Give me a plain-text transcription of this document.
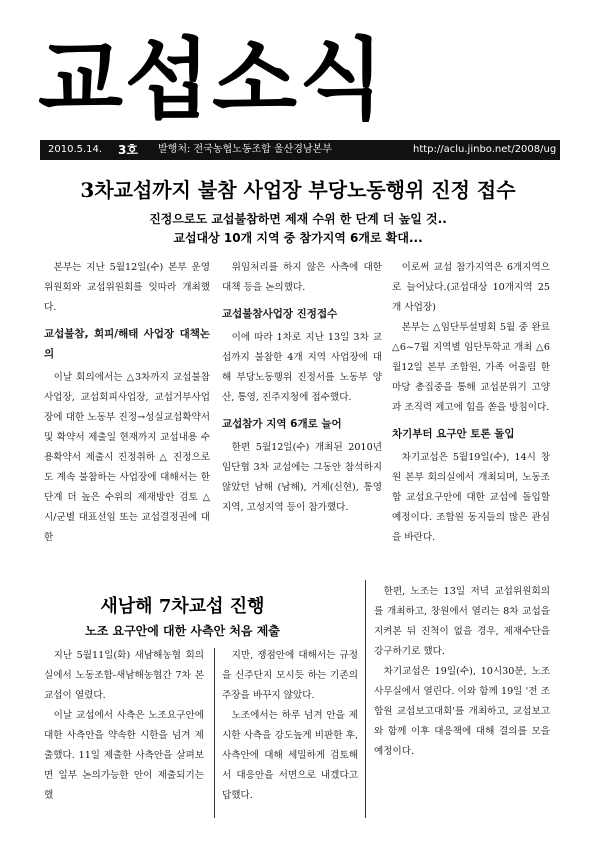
교섭소식
2010.5.14. 3호 발행처: 전국농협노동조합 울산경남본부	http://aclu.jinbo.net/2008/ug
3차교섭까지 불참 사업장 부당노동행위 진정 접수
진정으로도 교섭불참하면 제재 수위 한 단계 더 높일 것..
교섭대상 10개 지역 중 참가지역 6개로 확대...

본부는 지난 5월12일(수) 본부 운영위원회와 교섭위원회를 잇따라 개최했다.

교섭불참, 회피/해태 사업장 대책논의

이날 회의에서는 △3차까지 교섭불참사업장, 교섭회피사업장, 교섭거부사업장에 대한 노동부 진정→성실교섭확약서 및 확약서 제출일 현재까지 교섭내용 수용확약서 제출시 진정취하 △ 진정으로도 계속 불참하는 사업장에 대해서는 한 단계 더 높은 수위의 제재방안 검토 △ 시/군별 대표선임 또는 교섭결정권에 대한

위임처리를 하지 않은 사측에 대한 대책 등을 논의했다.

교섭불참사업장 진정접수

이에 따라 1차로 지난 13일 3차 교섭까지 불참한 4개 지역 사업장에 대해 부당노동행위 진정서를 노동부 양산, 통영, 진주지청에 접수했다.

교섭참가 지역 6개로 늘어

한편 5월12일(수) 개최된 2010년 임단협 3차 교섭에는 그동안 참석하지 않았던 남해 (남해), 거제(신현), 통영지역, 고성지역 등이 참가했다.

이로써 교섭 참가지역은 6개지역으로 늘어났다.(교섭대상 10개지역 25개 사업장)

본부는 △임단투설명회 5월 중 완료 △6~7월 지역별 임단투학교 개최 △6월12일 본부 조합원, 가족 어울림 한마당 총집중을 통해 교섭분위기 고양과 조직력 제고에 힘을 쏟을 방침이다.

차기부터 요구안 토론 돌입

차기교섭은 5월19일(수), 14시 창원 본부 회의실에서 개최되며, 노동조합 교섭요구안에 대한 교섭에 돌입할 예정이다. 조합원 동지들의 많은 관심을 바란다.

새남해 7차교섭 진행
노조 요구안에 대한 사측안 처음 제출

지난 5월11일(화) 새남해농협 회의실에서 노동조합-새남해농협간 7차 본교섭이 열렸다.

이날 교섭에서 사측은 노조요구안에 대한 사측안을 약속한 시한을 넘겨 제출했다. 11일 제출한 사측안을 살펴보면 일부 논의가능한 안이 제출되기는 했

지만, 쟁점안에 대해서는 규정을 신주단지 모시듯 하는 기존의 주장을 바꾸지 않았다.

노조에서는 하루 넘겨 안을 제시한 사측을 강도높게 비판한 후, 사측안에 대해 세밀하게 검토해서 대응안을 서면으로 내겠다고 답했다.

한편, 노조는 13일 저녁 교섭위원회의를 개최하고, 창원에서 열리는 8차 교섭을 지켜본 뒤 진척이 없을 경우, 제재수단을 강구하기로 했다.

차기교섭은 19일(수), 10시30분, 노조사무실에서 열린다. 이와 함께 19일 '전 조합원 교섭보고대회'를 개최하고, 교섭보고와 함께 이후 대응책에 대해 결의를 모을 예정이다.
